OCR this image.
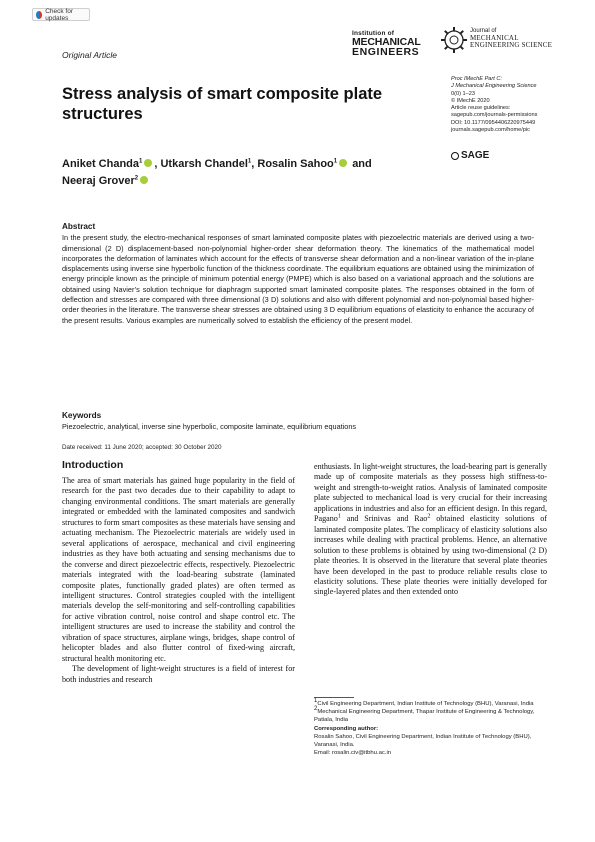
Check for updates
Institution of
MECHANICAL
ENGINEERS
Journal of
MECHANICAL
ENGINEERING SCIENCE
Original Article
Stress analysis of smart composite plate structures
Proc IMechE Part C:
J Mechanical Engineering Science
0(0) 1–23
© IMechE 2020
Article reuse guidelines:
sagepub.com/journals-permissions
DOI: 10.1177/0954406220975449
journals.sagepub.com/home/pic
SAGE
Aniket Chanda$^1$ iD , Utkarsh Chandel$^1$, Rosalin Sahoo$^1$ iD and
Neeraj Grover$^2$iD
Abstract
In the present study, the electro-mechanical responses of smart laminated composite plates with piezoelectric materials are derived using a two-dimensional (2 D) displacement-based non-polynomial higher-order shear deformation theory. The kinematics of the mathematical model incorporates the deformation of laminates which account for the effects of transverse shear deformation and a non-linear variation of the in-plane displacements using inverse sine hyperbolic function of the thickness coordinate. The equilibrium equations are obtained using the minimization of energy principle known as the principle of minimum potential energy (PMPE) which is also based on a variational approach and the solutions are obtained using Navier’s solution technique for diaphragm supported smart laminated composite plates. The responses obtained in the form of deflection and stresses are compared with three dimensional (3 D) solutions and also with different polynomial and non-polynomial based higher-order theories in the literature. The transverse shear stresses are obtained using 3 D equilibrium equations of elasticity to enhance the accuracy of the present results. Various examples are numerically solved to establish the efficiency of the present model.
Keywords
Piezoelectric, analytical, inverse sine hyperbolic, composite laminate, equilibrium equations
Date received: 11 June 2020; accepted: 30 October 2020
Introduction

The area of smart materials has gained huge popularity in the field of research for the past two decades due to their capability to adapt to changing environmental conditions. The smart materials are generally integrated or embedded with the laminated composites and sandwich structures to form smart composites as these materials have sensing and actuating mechanism. The Piezoelectric materials are widely used in several applications of aerospace, mechanical and civil engineering industries as they have both actuating and sensing mechanisms due to the converse and direct piezoelectric effects, respectively. Piezoelectric materials integrated with the load-bearing substrate (laminated composite plates, functionally graded plates) are often termed as intelligent structures. Control strategies coupled with the intelligent materials develop the self-monitoring and self-controlling capabilities for active vibration control, noise control and shape control etc. The intelligent structures are used to increase the stability and control the vibration of space structures, airplane wings, bridges, shape control of helicopter blades and also flutter control of fixed-wing aircraft, structural health monitoring etc.

The development of light-weight structures is a field of interest for both industries and research

enthusiasts. In light-weight structures, the load-bearing part is generally made up of composite materials as they possess high stiffness-to-weight and strength-to-weight ratios. Analysis of laminated composite plate subjected to mechanical load is very crucial for their increasing applications in industries and also for an efficient design. In this regard, Pagano$^1$ and Srinivas and Rao$^2$ obtained elasticity solutions of laminated composite plates. The complicacy of elasticity solutions also increases while dealing with practical problems. Hence, an alternative solution to these problems is obtained by using two-dimensional (2 D) plate theories. It is observed in the literature that several plate theories have been developed in the past to produce reliable results close to elasticity solutions. These plate theories were initially developed for single-layered plates and then extended onto
$^1$Civil Engineering Department, Indian Institute of Technology (BHU), Varanasi, India
$^2$Mechanical Engineering Department, Thapar Institute of Engineering & Technology, Patiala, India
Corresponding author:
Rosalin Sahoo, Civil Engineering Department, Indian Institute of Technology (BHU), Varanasi, India.
Email: rosalin.civ@itbhu.ac.in
